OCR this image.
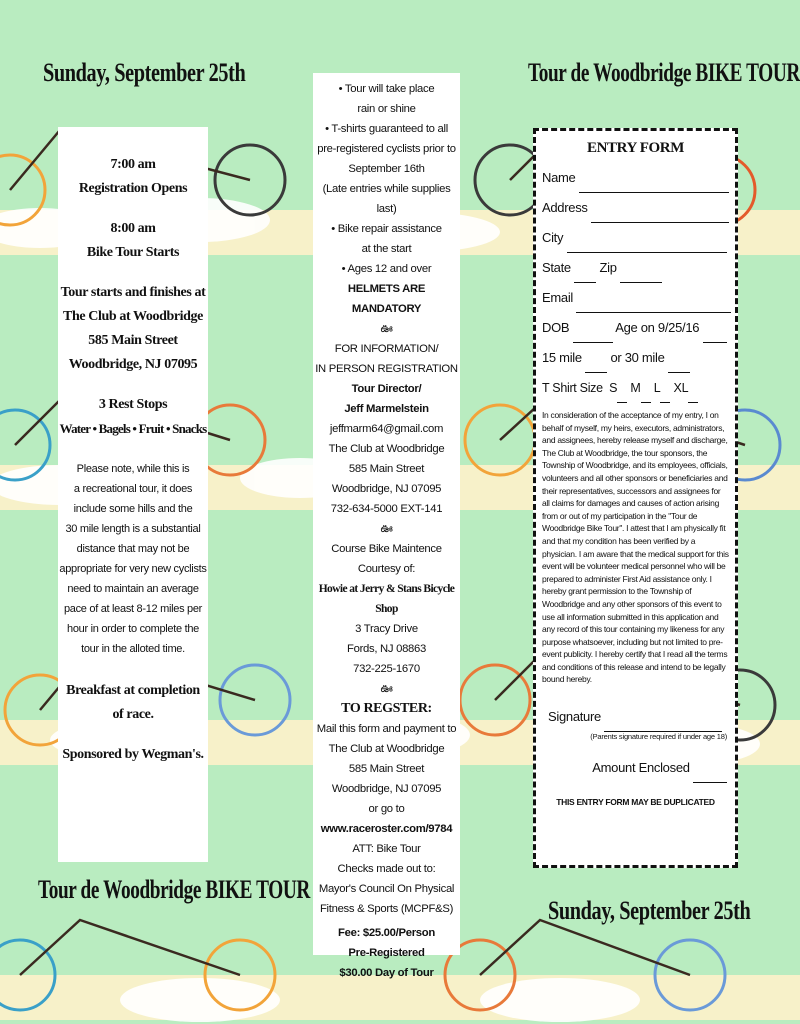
Sunday, September 25th	Tour de Woodbridge BIKE TOUR
Tour de Woodbridge BIKE TOUR
Sunday, September 25th
7:00 am
Registration Opens
8:00 am
Bike Tour Starts
Tour starts and finishes at
The Club at Woodbridge
585 Main Street
Woodbridge, NJ 07095
3 Rest Stops
Water • Bagels • Fruit • Snacks
Please note, while this is
a recreational tour, it does
include some hills and the
30 mile length is a substantial
distance that may not be
appropriate for very new cyclists
need to maintain an average
pace of at least 8-12 miles per
hour in order to complete the
tour in the alloted time.
Breakfast at completion
of race.
Sponsored by Wegman's.
• Tour will take place
rain or shine
• T-shirts guaranteed to all
pre-registered cyclists prior to
September 16th
(Late entries while supplies last)
• Bike repair assistance
at the start
• Ages 12 and over
HELMETS ARE MANDATORY
ఊ
FOR INFORMATION/
IN PERSON REGISTRATION
Tour Director/
Jeff Marmelstein
jeffmarm64@gmail.com
The Club at Woodbridge
585 Main Street
Woodbridge, NJ 07095
732-634-5000 EXT-141
ఊ
Course Bike Maintence
Courtesy of:
Howie at Jerry & Stans Bicycle Shop
3 Tracy Drive
Fords, NJ 08863
732-225-1670
ఊ
TO REGSTER:
Mail this form and payment to
The Club at Woodbridge
585 Main Street
Woodbridge, NJ 07095
or go to
www.raceroster.com/9784
ATT: Bike Tour
Checks made out to:
Mayor's Council On Physical
Fitness & Sports (MCPF&S)
Fee: $25.00/Person
Pre-Registered
$30.00 Day of Tour
ENTRY FORM
Name
Address
City
State Zip
Email
DOB	Age on 9/25/16
15 mile or 30 mile
T Shirt Size S M L XL
In consideration of the acceptance of my entry, I on behalf of myself, my heirs, executors, administrators, and assignees, hereby release myself and discharge, The Club at Woodbridge, the tour sponsors, the Township of Woodbridge, and its employees, officials, volunteers and all other sponsors or beneficiaries and their representatives, successors and assignees for all claims for damages and causes of action arising from or out of my participation in the "Tour de Woodbridge Bike Tour". I attest that I am physically fit and that my condition has been verified by a physician. I am aware that the medical support for this event will be volunteer medical personnel who will be prepared to administer First Aid assistance only. I hereby grant permission to the Township of Woodbridge and any other sponsors of this event to use all information submitted in this application and any record of this tour containing my likeness for any purpose whatsoever, including but not limited to pre-event publicity. I hereby certify that I read all the terms and conditions of this release and intend to be legally bound hereby.
Signature
(Parents signature required if under age 18)
Amount Enclosed
THIS ENTRY FORM MAY BE DUPLICATED
